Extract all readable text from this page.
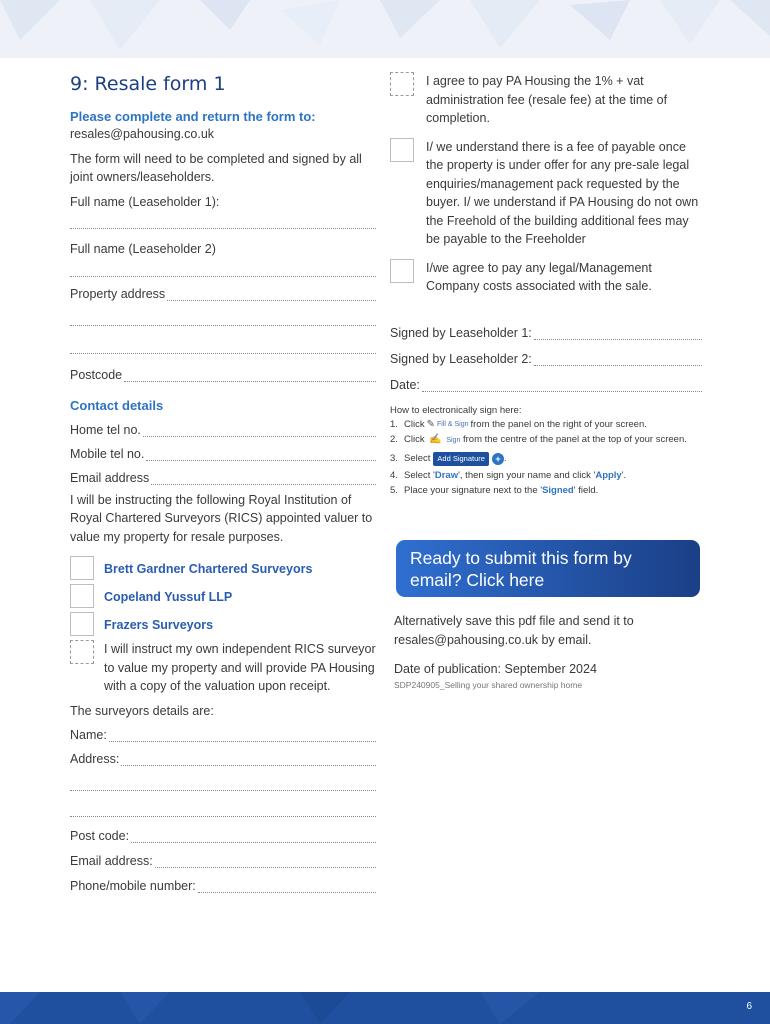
9: Resale form 1
Please complete and return the form to:
resales@pahousing.co.uk
The form will need to be completed and signed by all joint owners/leaseholders.
Full name (Leaseholder 1):
Full name (Leaseholder 2)
Property address
Postcode
Contact details
Home tel no.
Mobile tel no.
Email address
I will be instructing the following Royal Institution of Royal Chartered Surveyors (RICS) appointed valuer to value my property for resale purposes.
Brett Gardner Chartered Surveyors
Copeland Yussuf LLP
Frazers Surveyors
I will instruct my own independent RICS surveyor to value my property and will provide PA Housing with a copy of the valuation upon receipt.
The surveyors details are:
Name:
Address:
Post code:
Email address:
Phone/mobile number:
I agree to pay PA Housing the 1% + vat administration fee (resale fee) at the time of completion.
I/ we understand there is a fee of payable once the property is under offer for any pre-sale legal enquiries/management pack requested by the buyer. I/ we understand if PA Housing do not own the Freehold of the building additional fees may be payable to the Freeholder
I/we agree to pay any legal/Management Company costs associated with the sale.
Signed by Leaseholder 1:
Signed by Leaseholder 2:
Date:
How to electronically sign here:
1. Click ✎ Fill & Sign from the panel on the right of your screen.
2. Click ✍ Sign from the centre of the panel at the top of your screen.
3. Select Add Signature	+ .
4. Select ' Draw ', then sign your name and click ' Apply '.
5. Place your signature next to the ' Signed ' field.
Ready to submit this form by email? Click here
Alternatively save this pdf file and send it to resales@pahousing.co.uk by email.
Date of publication: September 2024
SDP240905_Selling your shared ownership home
6
